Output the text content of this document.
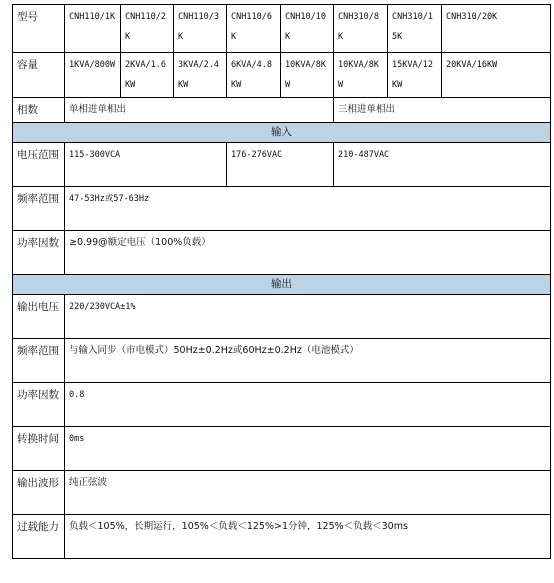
型号	CNH110/1K	CNH110/2K	CNH110/3K	CNH110/6K	CNH10/10K	CNH310/8K	CNH310/15K	CNH310/20K
容量	1KVA/800W	2KVA/1.6KW	3KVA/2.4KW	6KVA/4.8KW	10KVA/8KW	10KVA/8KW	15KVA/12KW	20KVA/16KW
相数	单相进单相出					三相进单相出		
输入								
电压范围	115-300VCA			176-276VAC		210-487VAC		
频率范围	47-53Hz或57-63Hz							
功率因数	≥0.99@额定电压（100%负载）							
输出								
输出电压	220/230VCA±1%							
频率范围	与输入同步（市电模式）50Hz±0.2Hz或60Hz±0.2Hz（电池模式）							
功率因数	0.8							
转换时间	0ms							
输出波形	纯正弦波							
过载能力	负载＜105%，长期运行，105%＜负载＜125%>1分钟，125%＜负载＜30ms							
